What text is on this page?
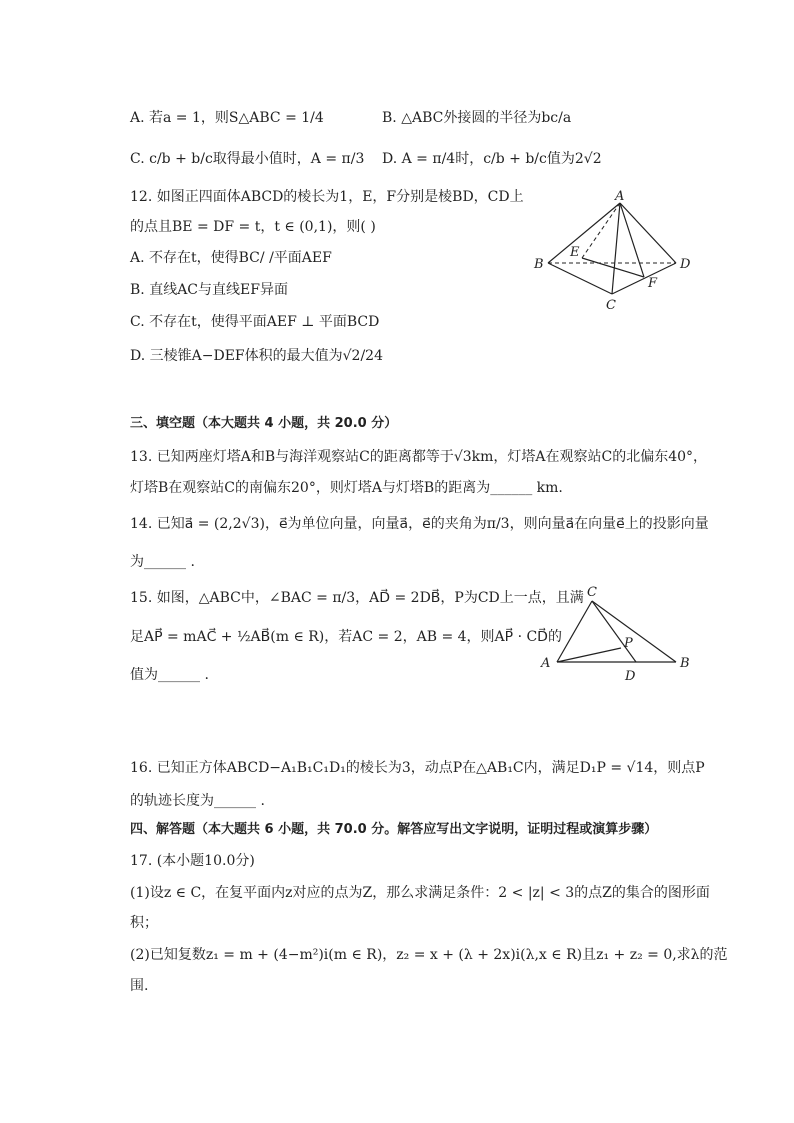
A. 若a = 1，则S△ABC = 1/4	B. △ABC外接圆的半径为bc/a
C. c/b + b/c取得最小值时，A = π/3 D. A = π/4时，c/b + b/c值为2√2
12. 如图正四面体ABCD的棱长为1，E，F分别是棱BD，CD上
的点且BE = DF = t，t ∈ (0,1)，则( )
A. 不存在t，使得BC/ /平面AEF
B. 直线AC与直线EF异面
C. 不存在t，使得平面AEF ⊥ 平面BCD
D. 三棱锥A−DEF体积的最大值为√2/24
A
B
C
D
E
F
三、填空题（本大题共 4 小题，共 20.0 分）
13. 已知两座灯塔A和B与海洋观察站C的距离都等于√3km，灯塔A在观察站C的北偏东40°，
灯塔B在观察站C的南偏东20°，则灯塔A与灯塔B的距离为______ km.
14. 已知a⃗ = (2,2√3)，e⃗为单位向量，向量a⃗，e⃗的夹角为π/3，则向量a⃗在向量e⃗上的投影向量
为______ .
15. 如图，△ABC中，∠BAC = π/3，AD⃗ = 2DB⃗，P为CD上一点，且满
足AP⃗ = mAC⃗ + ½AB⃗(m ∈ R)，若AC = 2，AB = 4，则AP⃗ · CD⃗的
值为______ .
C
A	B
D
P
16. 已知正方体ABCD−A₁B₁C₁D₁的棱长为3，动点P在△AB₁C内，满足D₁P = √14，则点P
的轨迹长度为______ .
四、解答题（本大题共 6 小题，共 70.0 分。解答应写出文字说明，证明过程或演算步骤）
17. (本小题10.0分)
(1)设z ∈ C，在复平面内z对应的点为Z，那么求满足条件：2 < |z| < 3的点Z的集合的图形面
积；
(2)已知复数z₁ = m + (4−m²)i(m ∈ R)，z₂ = x + (λ + 2x)i(λ,x ∈ R)且z₁ + z₂ = 0,求λ的范
围.
